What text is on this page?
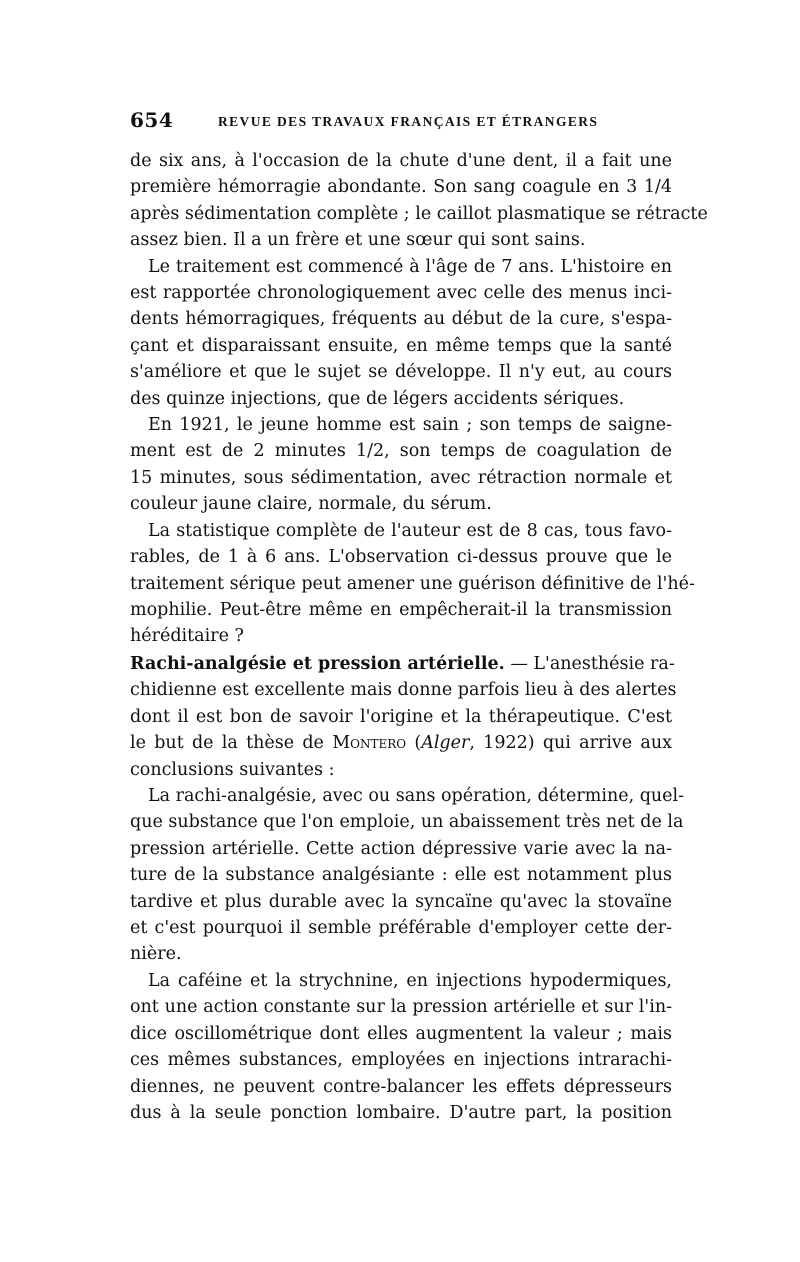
654	REVUE DES TRAVAUX FRANÇAIS ET ÉTRANGERS
de six ans, à l'occasion de la chute d'une dent, il a fait une
première hémorragie abondante. Son sang coagule en 3 1/4
après sédimentation complète ; le caillot plasmatique se rétracte
assez bien. Il a un frère et une sœur qui sont sains.
Le traitement est commencé à l'âge de 7 ans. L'histoire en
est rapportée chronologiquement avec celle des menus inci-
dents hémorragiques, fréquents au début de la cure, s'espa-
çant et disparaissant ensuite, en même temps que la santé
s'améliore et que le sujet se développe. Il n'y eut, au cours
des quinze injections, que de légers accidents sériques.
En 1921, le jeune homme est sain ; son temps de saigne-
ment est de 2 minutes 1/2, son temps de coagulation de
15 minutes, sous sédimentation, avec rétraction normale et
couleur jaune claire, normale, du sérum.
La statistique complète de l'auteur est de 8 cas, tous favo-
rables, de 1 à 6 ans. L'observation ci-dessus prouve que le
traitement sérique peut amener une guérison définitive de l'hé-
mophilie. Peut-être même en empêcherait-il la transmission
héréditaire ?
Rachi-analgésie et pression artérielle. — L'anesthésie ra-
chidienne est excellente mais donne parfois lieu à des alertes
dont il est bon de savoir l'origine et la thérapeutique. C'est
le but de la thèse de Montero (Alger, 1922) qui arrive aux
conclusions suivantes :
La rachi-analgésie, avec ou sans opération, détermine, quel-
que substance que l'on emploie, un abaissement très net de la
pression artérielle. Cette action dépressive varie avec la na-
ture de la substance analgésiante : elle est notamment plus
tardive et plus durable avec la syncaïne qu'avec la stovaïne
et c'est pourquoi il semble préférable d'employer cette der-
nière.
La caféine et la strychnine, en injections hypodermiques,
ont une action constante sur la pression artérielle et sur l'in-
dice oscillométrique dont elles augmentent la valeur ; mais
ces mêmes substances, employées en injections intrarachi-
diennes, ne peuvent contre-balancer les effets dépresseurs
dus à la seule ponction lombaire. D'autre part, la position
